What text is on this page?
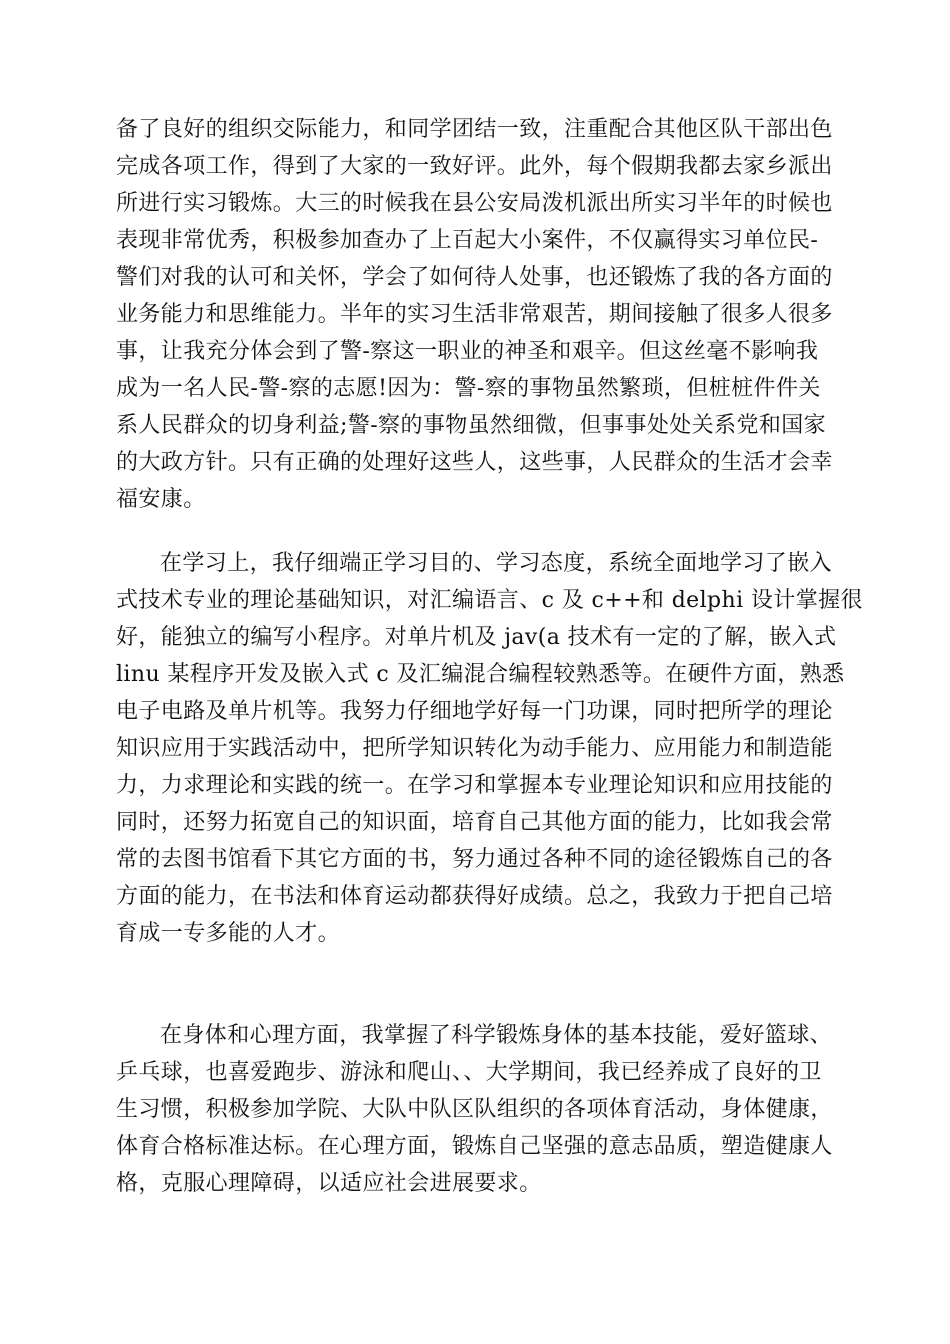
备了良好的组织交际能力，和同学团结一致，注重配合其他区队干部出色
完成各项工作，得到了大家的一致好评。此外，每个假期我都去家乡派出
所进行实习锻炼。大三的时候我在县公安局泼机派出所实习半年的时候也
表现非常优秀，积极参加查办了上百起大小案件，不仅赢得实习单位民-
警们对我的认可和关怀，学会了如何待人处事，也还锻炼了我的各方面的
业务能力和思维能力。半年的实习生活非常艰苦，期间接触了很多人很多
事，让我充分体会到了警-察这一职业的神圣和艰辛。但这丝毫不影响我
成为一名人民-警-察的志愿!因为：警-察的事物虽然繁琐，但桩桩件件关
系人民群众的切身利益;警-察的事物虽然细微，但事事处处关系党和国家
的大政方针。只有正确的处理好这些人，这些事，人民群众的生活才会幸
福安康。

在学习上，我仔细端正学习目的、学习态度，系统全面地学习了嵌入
式技术专业的理论基础知识，对汇编语言、c 及 c++和 delphi 设计掌握很
好，能独立的编写小程序。对单片机及 jav(a 技术有一定的了解，嵌入式
linu 某程序开发及嵌入式 c 及汇编混合编程较熟悉等。在硬件方面，熟悉
电子电路及单片机等。我努力仔细地学好每一门功课，同时把所学的理论
知识应用于实践活动中，把所学知识转化为动手能力、应用能力和制造能
力，力求理论和实践的统一。在学习和掌握本专业理论知识和应用技能的
同时，还努力拓宽自己的知识面，培育自己其他方面的能力，比如我会常
常的去图书馆看下其它方面的书，努力通过各种不同的途径锻炼自己的各
方面的能力，在书法和体育运动都获得好成绩。总之，我致力于把自己培
育成一专多能的人才。

在身体和心理方面，我掌握了科学锻炼身体的基本技能，爱好篮球、
乒乓球，也喜爱跑步、游泳和爬山、、大学期间，我已经养成了良好的卫
生习惯，积极参加学院、大队中队区队组织的各项体育活动，身体健康，
体育合格标准达标。在心理方面，锻炼自己坚强的意志品质，塑造健康人
格，克服心理障碍，以适应社会进展要求。
